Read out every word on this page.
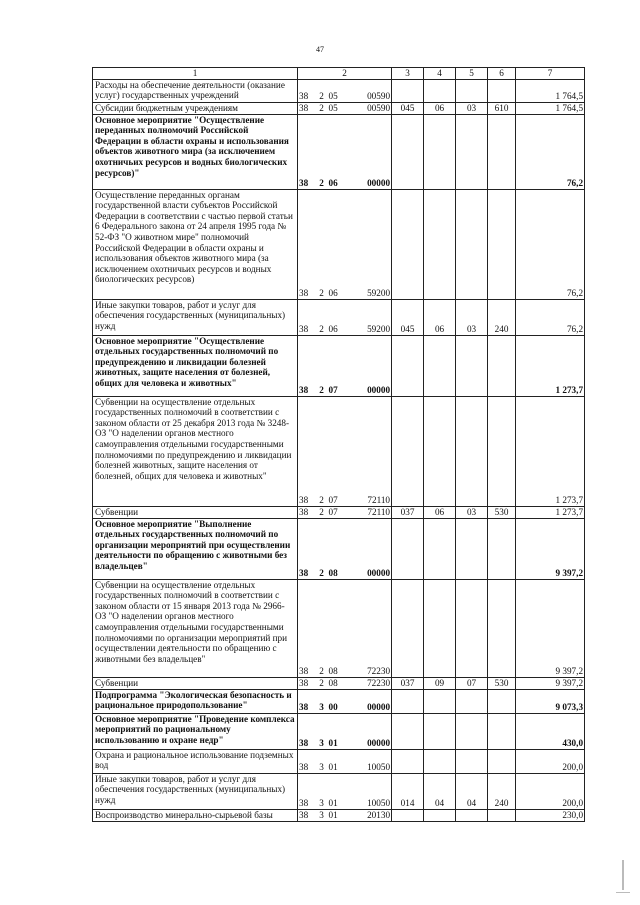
47
1	2				3	4	5	6	7
Расходы на обеспечение деятельности (оказание услуг) государственных учреждений	38	2	05	00590					1 764,5
Субсидии бюджетным учреждениям	38	2	05	00590	045	06	03	610	1 764,5
Основное мероприятие "Осуществление переданных полномочий Российской Федерации в области охраны и использования объектов животного мира (за исключением охотничьих ресурсов и водных биологических ресурсов)"	38	2	06	00000					76,2
Осуществление переданных органам государственной власти субъектов Российской Федерации в соответствии с частью первой статьи 6 Федерального закона от 24 апреля 1995 года № 52-ФЗ "О животном мире" полномочий Российской Федерации в области охраны и использования объектов животного мира (за исключением охотничьих ресурсов и водных биологических ресурсов)	38	2	06	59200					76,2
Иные закупки товаров, работ и услуг для обеспечения государственных (муниципальных) нужд	38	2	06	59200	045	06	03	240	76,2
Основное мероприятие "Осуществление отдельных государственных полномочий по предупреждению и ликвидации болезней животных, защите населения от болезней, общих для человека и животных"	38	2	07	00000					1 273,7
Субвенции на осуществление отдельных государственных полномочий в соответствии с законом области от 25 декабря 2013 года № 3248-ОЗ "О наделении органов местного самоуправления отдельными государственными полномочиями по предупреждению и ликвидации болезней животных, защите населения от болезней, общих для человека и животных"	38	2	07	72110					1 273,7
Субвенции	38	2	07	72110	037	06	03	530	1 273,7
Основное мероприятие "Выполнение отдельных государственных полномочий по организации мероприятий при осуществлении деятельности по обращению с животными без владельцев"	38	2	08	00000					9 397,2
Субвенции на осуществление отдельных государственных полномочий в соответствии с законом области от 15 января 2013 года № 2966-ОЗ "О наделении органов местного самоуправления отдельными государственными полномочиями по организации мероприятий при осуществлении деятельности по обращению с животными без владельцев"	38	2	08	72230					9 397,2
Субвенции	38	2	08	72230	037	09	07	530	9 397,2
Подпрограмма "Экологическая безопасность и рациональное природопользование"	38	3	00	00000					9 073,3
Основное мероприятие "Проведение комплекса мероприятий по рациональному использованию и охране недр"	38	3	01	00000					430,0
Охрана и рациональное использование подземных вод	38	3	01	10050					200,0
Иные закупки товаров, работ и услуг для обеспечения государственных (муниципальных) нужд	38	3	01	10050	014	04	04	240	200,0
Воспроизводство минерально-сырьевой базы	38	3	01	20130					230,0
